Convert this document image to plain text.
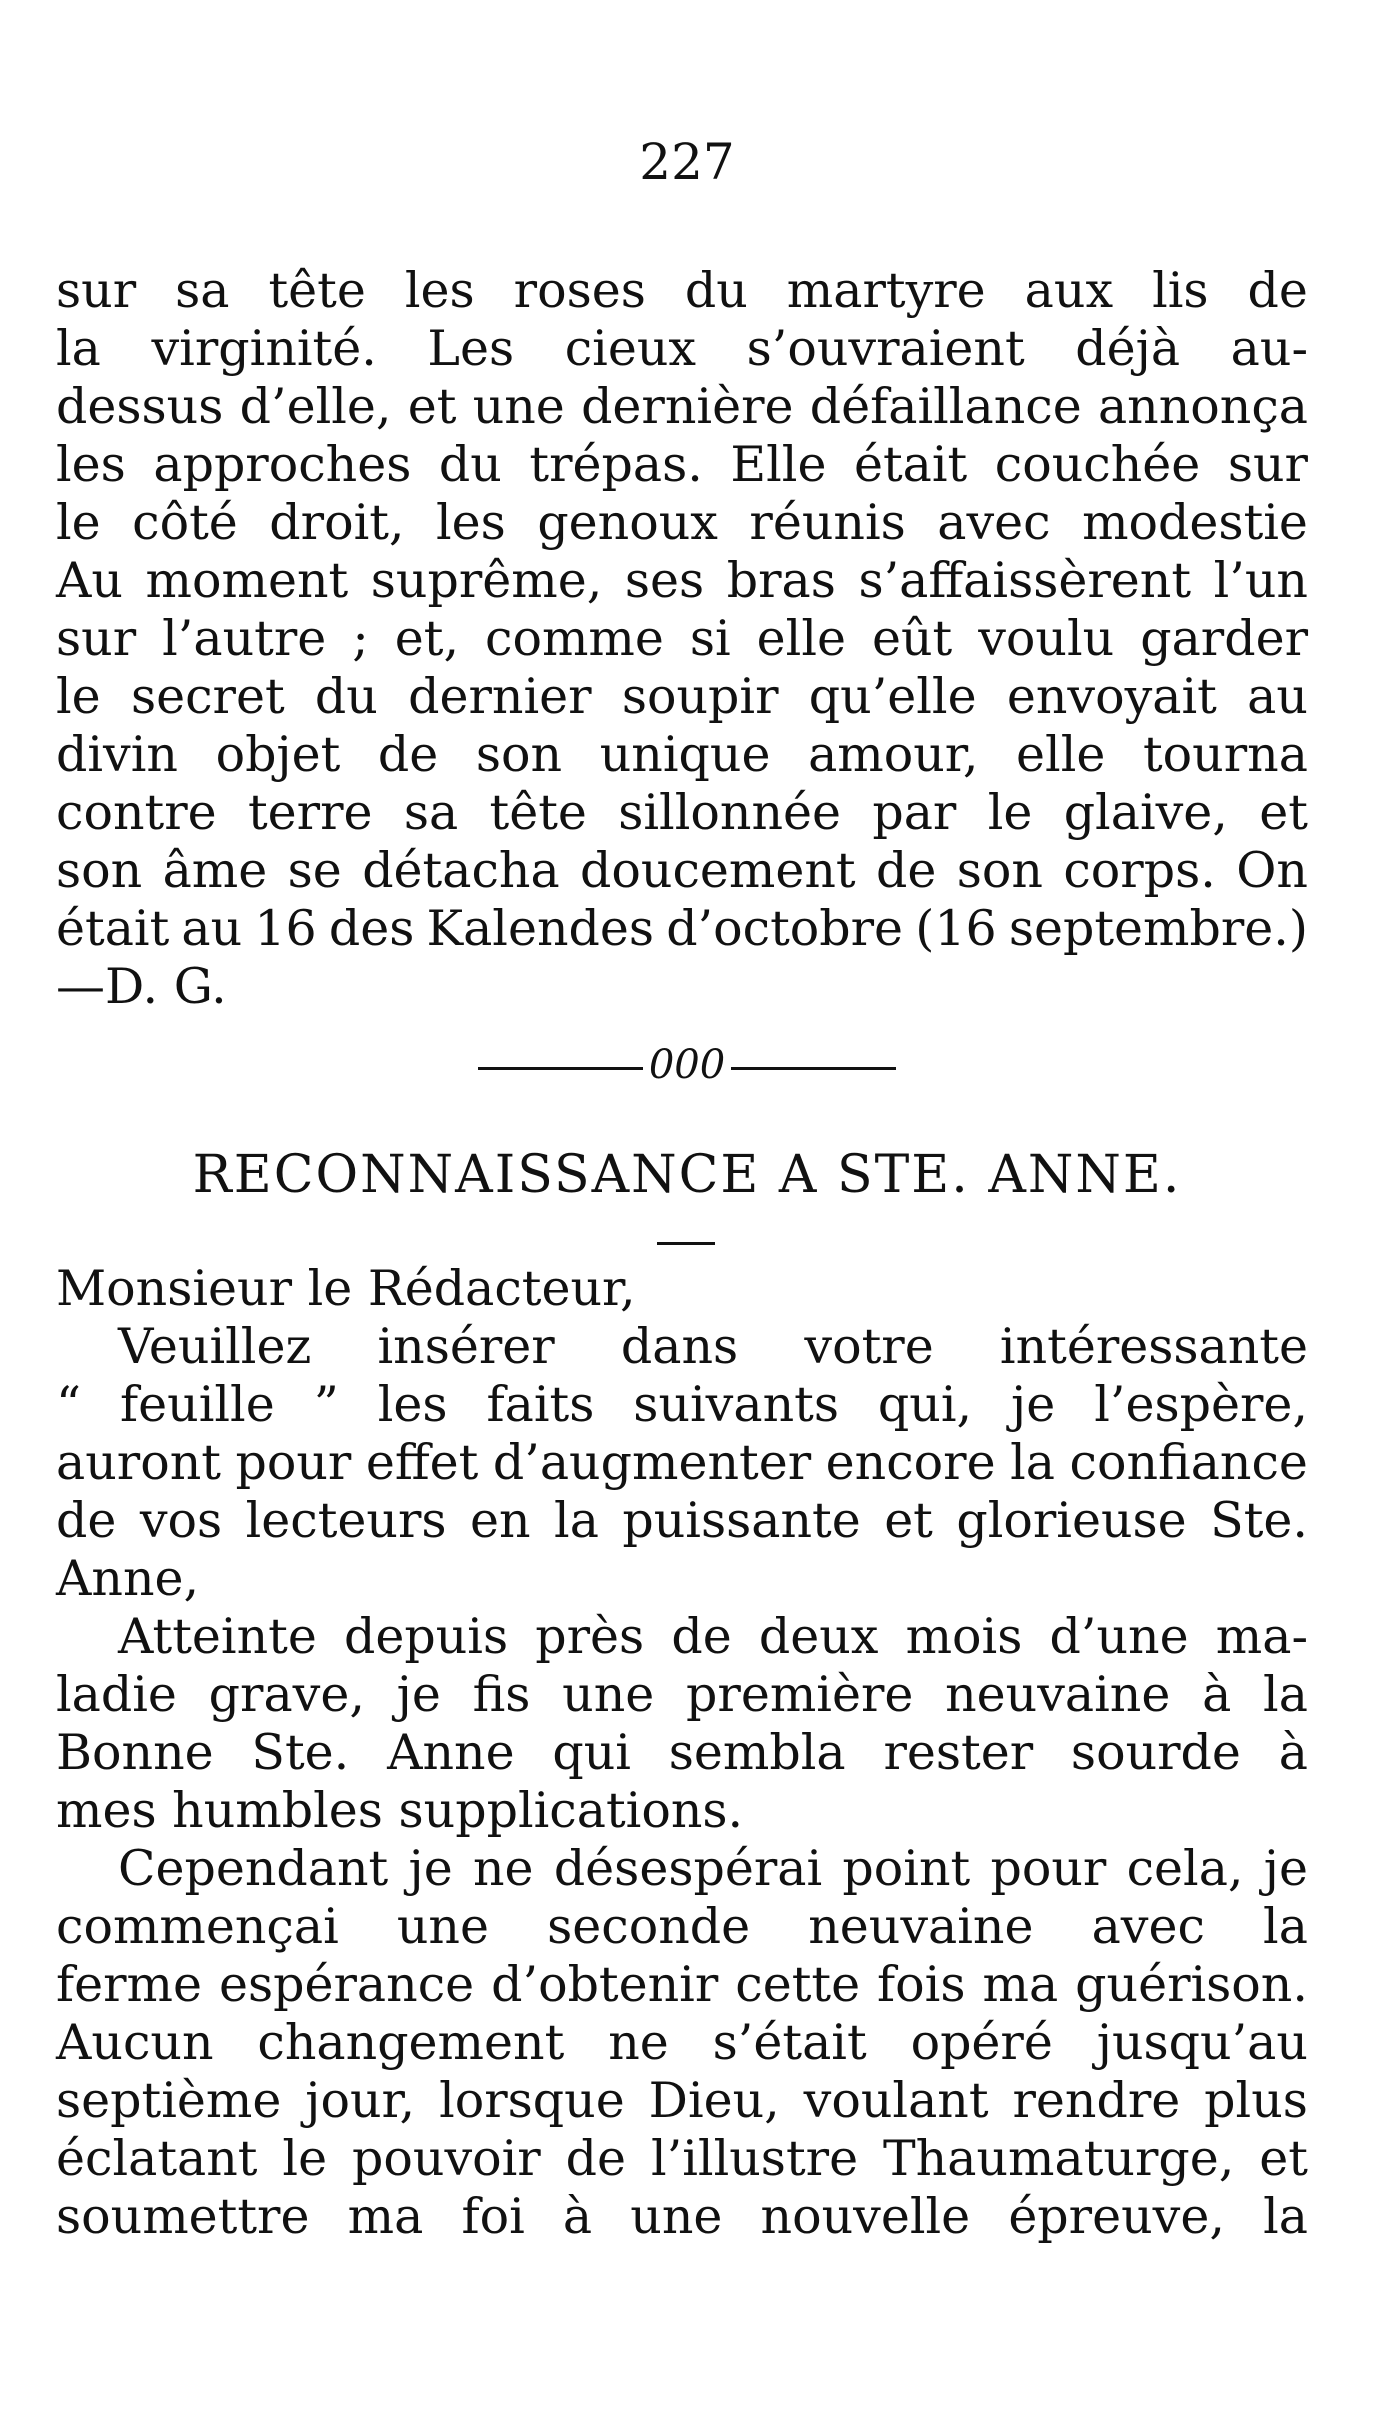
227
sur sa tête les roses du martyre aux lis de
la virginité. Les cieux s’ouvraient déjà au-
dessus d’elle, et une dernière défaillance annonça
les approches du trépas. Elle était couchée sur
le côté droit, les genoux réunis avec modestie
Au moment suprême, ses bras s’affaissèrent l’un
sur l’autre ; et, comme si elle eût voulu garder
le secret du dernier soupir qu’elle envoyait au
divin objet de son unique amour, elle tourna
contre terre sa tête sillonnée par le glaive, et
son âme se détacha doucement de son corps. On
était au 16 des Kalendes d’octobre (16 septembre.)
—D. G.
000
RECONNAISSANCE A STE. ANNE.
Monsieur le Rédacteur,
Veuillez insérer dans votre intéressante
“ feuille ” les faits suivants qui, je l’espère,
auront pour effet d’augmenter encore la confiance
de vos lecteurs en la puissante et glorieuse Ste.
Anne,
Atteinte depuis près de deux mois d’une ma-
ladie grave, je fis une première neuvaine à la
Bonne Ste. Anne qui sembla rester sourde à
mes humbles supplications.
Cependant je ne désespérai point pour cela, je
commençai une seconde neuvaine avec la
ferme espérance d’obtenir cette fois ma guérison.
Aucun changement ne s’était opéré jusqu’au
septième jour, lorsque Dieu, voulant rendre plus
éclatant le pouvoir de l’illustre Thaumaturge, et
soumettre ma foi à une nouvelle épreuve, la
